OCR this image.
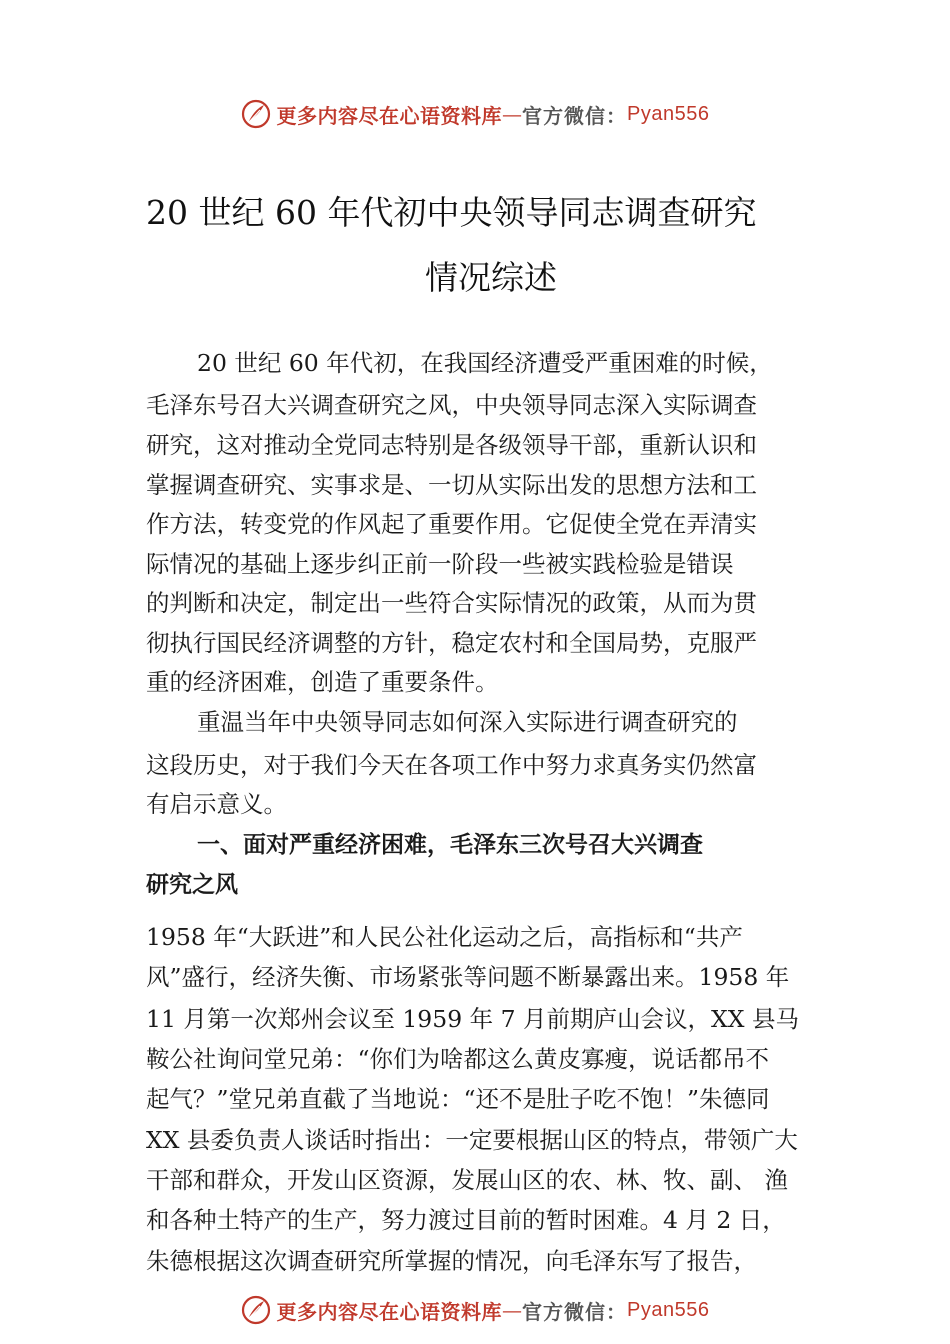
更多内容尽在心语资料库 — 官方微信： Pyan556
20 世纪 60 年代初中央领导同志调查研究
情况综述
20 世纪 60 年代初，在我国经济遭受严重困难的时候，
毛泽东号召大兴调查研究之风，中央领导同志深入实际调查
研究，这对推动全党同志特别是各级领导干部，重新认识和
掌握调查研究、实事求是、一切从实际出发的思想方法和工
作方法，转变党的作风起了重要作用。它促使全党在弄清实
际情况的基础上逐步纠正前一阶段一些被实践检验是错误
的判断和决定，制定出一些符合实际情况的政策，从而为贯
彻执行国民经济调整的方针，稳定农村和全国局势，克服严
重的经济困难，创造了重要条件。
重温当年中央领导同志如何深入实际进行调查研究的
这段历史，对于我们今天在各项工作中努力求真务实仍然富
有启示意义。
一、面对严重经济困难，毛泽东三次号召大兴调查
研究之风
1958 年“大跃进”和人民公社化运动之后，高指标和“共产
风”盛行，经济失衡、市场紧张等问题不断暴露出来。1958 年
11 月第一次郑州会议至 1959 年 7 月前期庐山会议，XX 县马
鞍公社询问堂兄弟：“你们为啥都这么黄皮寡瘦，说话都吊不
起气？”堂兄弟直截了当地说：“还不是肚子吃不饱！”朱德同
XX 县委负责人谈话时指出：一定要根据山区的特点，带领广大
干部和群众，开发山区资源，发展山区的农、林、牧、副、 渔
和各种土特产的生产，努力渡过目前的暂时困难。4 月 2 日，
朱德根据这次调查研究所掌握的情况，向毛泽东写了报告，
更多内容尽在心语资料库 — 官方微信： Pyan556
